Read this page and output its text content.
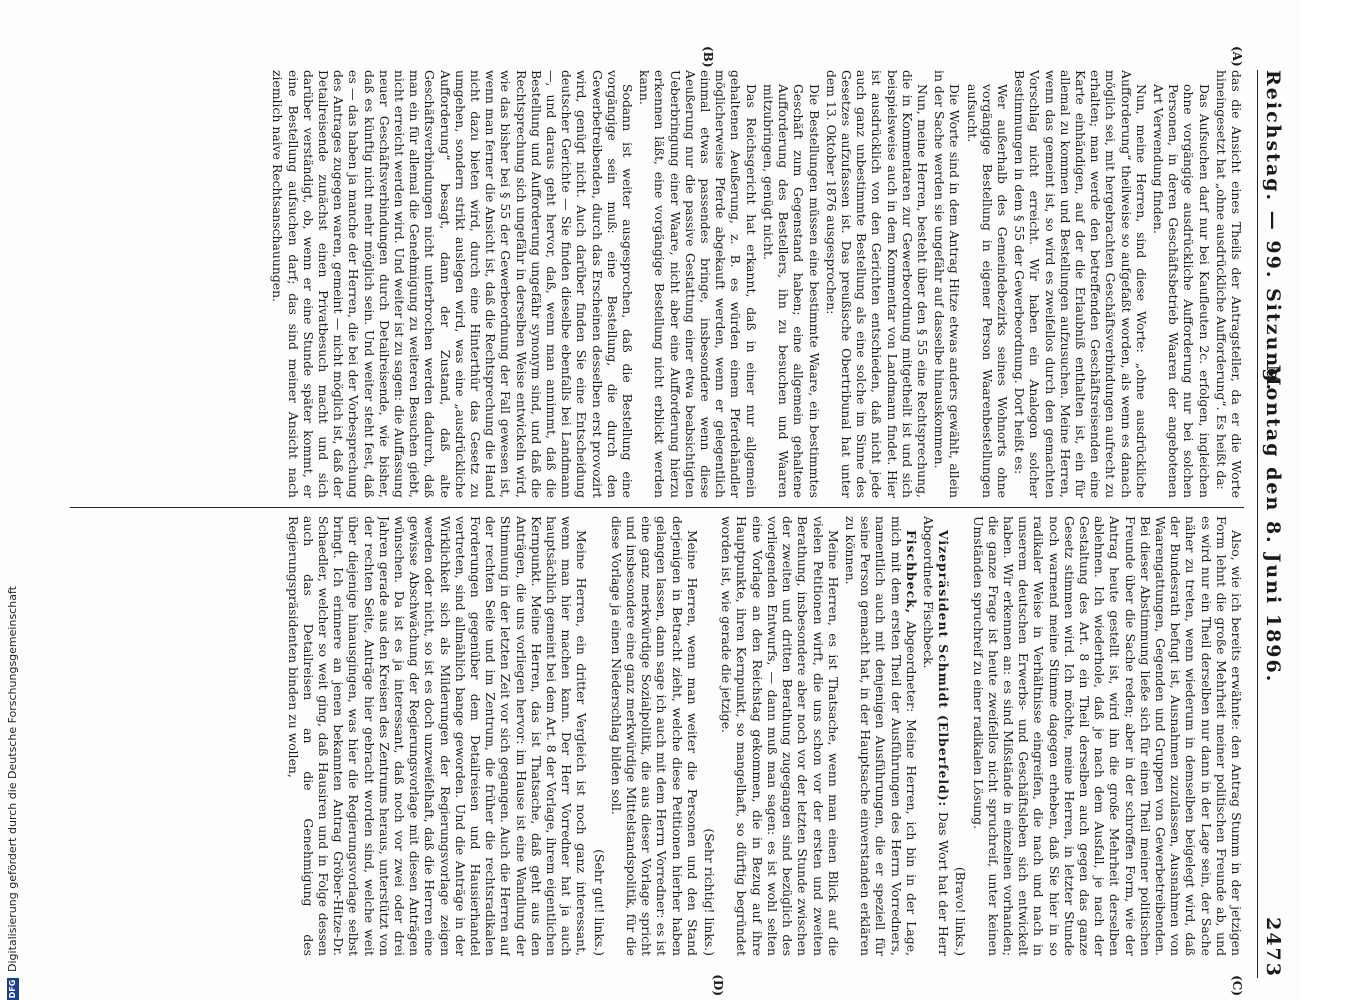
Reichstag. — 99. Sitzung.
Montag den 8. Juni 1896.
2473
(A)
(B)
(C)
(D)

das die Ansicht eines Theils der Antragsteller, da er die Worte hineingesetzt hat „ohne ausdrückliche Aufforderung“. Es heißt da:

Das Aufsuchen darf nur bei Kaufleuten 2c. erfolgen, ingleichen ohne vorgängige ausdrückliche Aufforderung nur bei solchen Personen, in deren Geschäftsbetrieb Waaren der angebotenen Art Verwendung finden.

Nun, meine Herren, sind diese Worte: „ohne ausdrückliche Aufforderung“ theilweise so aufgefaßt worden, als wenn es danach möglich sei, mit hergebrachten Geschäftsverbindungen aufrecht zu erhalten; man werde den betreffenden Geschäftsreisenden eine Karte einhändigen, auf der die Erlaubniß enthalten ist, ein für allemal zu kommen und Bestellungen aufzusuchen. Meine Herren, wenn das gemeint ist, so wird es zweifellos durch den gemachten Vorschlag nicht erreicht. Wir haben ein Analogon solcher Bestimmungen in dem § 55 der Gewerbeordnung. Dort heißt es:

Wer außerhalb des Gemeindebezirks seines Wohnorts ohne vorgängige Bestellung in eigener Person Waarenbestellungen aufsucht.

Die Worte sind in dem Antrag Hitze etwas anders gewählt, allein in der Sache werden sie ungefähr auf dasselbe hinauskommen.

Nun, meine Herren, besteht über den § 55 eine Rechtsprechung, die in Kommentaren zur Gewerbeordnung mitgetheilt ist und sich beispielsweise auch in dem Kommentar von Landmann findet. Hier ist ausdrücklich von den Gerichten entschieden, daß nicht jede auch ganz unbestimmte Bestellung als eine solche im Sinne des Gesetzes aufzufassen ist. Das preußische Obertribunal hat unter dem 13. Oktober 1876 ausgesprochen:

Die Bestellungen müssen eine bestimmte Waare, ein bestimmtes Geschäft zum Gegenstand haben; eine allgemein gehaltene Aufforderung des Bestellers, ihn zu besuchen und Waaren mitzubringen, genügt nicht.

Das Reichsgericht hat erkannt, daß in einer nur allgemein gehaltenen Aeußerung, z. B. es würden einem Pferdehändler möglicherweise Pferde abgekauft werden, wenn er gelegentlich einmal etwas passendes bringe, insbesondere wenn diese Aeußerung nur die passive Gestattung einer etwa beabsichtigten Ueberbringung einer Waare, nicht aber eine Aufforderung hierzu erkennen läßt, eine vorgängige Bestellung nicht erblickt werden kann.

Sodann ist weiter ausgesprochen, daß die Bestellung eine vorgängige sein muß: eine Bestellung, die durch den Gewerbetreibenden, durch das Erscheinen desselben erst provozirt wird, genügt nicht. Auch darüber finden Sie eine Entscheidung deutscher Gerichte — Sie finden dieselbe ebenfalls bei Landmann —, und daraus geht hervor, daß, wenn man annimmt, daß die Bestellung und Aufforderung ungefähr synonym sind, und daß die Rechtsprechung sich ungefähr in derselben Weise entwickeln wird, wie das bisher bei § 55 der Gewerbeordnung der Fall gewesen ist, wenn man ferner die Ansicht ist, daß die Rechtsprechung die Hand nicht dazu bieten wird, durch eine Hinterthür das Gesetz zu umgehen, sondern strikt auslegen wird, was eine „ausdrückliche Aufforderung“ besagt, dann der Zustand, daß alte Geschäftsverbindungen nicht unterbrochen werden dadurch, daß man ein für allemal die Genehmigung zu weiteren Besuchen giebt, nicht erreicht werden wird. Und weiter ist zu sagen: die Auffassung neuer Geschäftsverbindungen durch Detailreisende, wie bisher, daß es künftig nicht mehr möglich sein. Und weiter steht fest, daß es — das haben ja manche der Herren, die bei der Vorbesprechung des Antrages zugegen waren, gemeint — nicht möglich ist, daß der Detailreisende zunächst einen Privatbesuch macht und sich darüber verständigt, ob, wenn er eine Stunde später kommt, er eine Bestellung aufsuchen darf; das sind meiner Ansicht nach ziemlich naive Rechtsanschauungen.

Also, wie ich bereits erwähnte: den Antrag Stumm in der jetzigen Form lehnt die große Mehrheit meiner politischen Freunde ab, und es wird nur ein Theil derselben nur dann in der Lage sein, der Sache näher zu treten, wenn wiederum in demselben beigelegt wird, daß der Bundesrath befugt ist, Ausnahmen zuzulassen, Ausnahmen von Waarengattungen, Gegenden und Gruppen von Gewerbetreibenden. Bei dieser Abstimmung ließe sich für einen Theil meiner politischen Freunde über die Sache reden; aber in der schroffen Form, wie der Antrag heute gestellt ist, wird ihn die große Mehrheit derselben ablehnen. Ich wiederhole, daß je nach dem Ausfall, je nach der Gestaltung des Art. 8 ein Theil derselben auch gegen das ganze Gesetz stimmen wird. Ich möchte, meine Herren, in letzter Stunde noch warnend meine Stimme dagegen erheben, daß Sie hier in so radikaler Weise in Verhältnisse eingreifen, die nach und nach in unserem deutschen Erwerbs- und Geschäftsleben sich entwickelt haben. Wir erkennen an: es sind Mißstände in einzelnen vorhanden; die ganze Frage ist heute zweifellos nicht spruchreif, unter keinen Umständen spruchreif zu einer radikalen Lösung.

(Bravo! links.)

Vizepräsident Schmidt (Elberfeld): Das Wort hat der Herr Abgeordnete Fischbeck.

Fischbeck, Abgeordneter: Meine Herren, ich bin in der Lage, mich mit dem ersten Theil der Ausführungen des Herrn Vorredners, namentlich auch mit denjenigen Ausführungen, die er speziell für seine Person gemacht hat, in der Hauptsache einverstanden erklären zu können.

Meine Herren, es ist Thatsache, wenn man einen Blick auf die vielen Petitionen wirft, die uns schon vor der ersten und zweiten Berathung, insbesondere aber noch vor der letzten Stunde zwischen der zweiten und dritten Berathung zugegangen sind bezüglich des vorliegenden Entwurfs, — dann muß man sagen: es ist wohl selten eine Vorlage an den Reichstag gekommen, die in Bezug auf ihre Hauptpunkte, ihren Kernpunkt, so mangelhaft, so dürftig begründet worden ist, wie gerade die jetzige.

(Sehr richtig! links.)

Meine Herren, wenn man weiter die Personen und den Stand derjenigen in Betracht zieht, welche diese Petitionen hierher haben gelangen lassen, dann sage ich auch mit dem Herrn Vorredner: es ist eine ganz merkwürdige Sozialpolitik, die aus dieser Vorlage spricht und insbesondere eine ganz merkwürdige Mittelstandspolitik, für die diese Vorlage ja einen Niederschlag bilden soll.

(Sehr gut! links.)

Meine Herren, ein dritter Vergleich ist noch ganz interessant, wenn man hier machen kann. Der Herr Vorredner hat ja auch hauptsächlich gemeint bei dem Art. 8 der Vorlage, ihrem eigentlichen Kernpunkt. Meine Herren, das ist Thatsache, daß geht aus den Anträgen, die uns vorliegen hervor: im Hause ist eine Wandlung der Stimmung in der letzten Zeit vor sich gegangen. Auch die Herren auf der rechten Seite und im Zentrum, die früher die rechtsradikalen Forderungen gegenüber dem Detailreisen und Hausierhandel vertreten, sind allmählich bange geworden. Und die Anträge in der Wirklichkeit sich als Milderungen der Regierungsvorlage zeigen werden oder nicht, so ist es doch unzweifelhaft, daß die Herren eine gewisse Abschwächung der Regierungsvorlage mit diesen Anträgen wünschen. Da ist es ja interessant, daß noch vor zwei oder drei Jahren gerade aus den Kreisen des Zentrums heraus, unterstützt von der rechten Seite, Anträge hier gebracht worden sind, welche weit über diejenige hinausgingen, was hier die Regierungsvorlage selbst bringt. Ich erinnere an jenen bekannten Antrag Gröber-Hitze-Dr. Schaedler, welcher so weit ging, daß Hausiren und in Folge dessen auch das Detailreisen an die Genehmigung des Regierungspräsidenten binden zu wollen,

DFG
Digitalisierung gefördert durch die Deutsche Forschungsgemeinschaft
